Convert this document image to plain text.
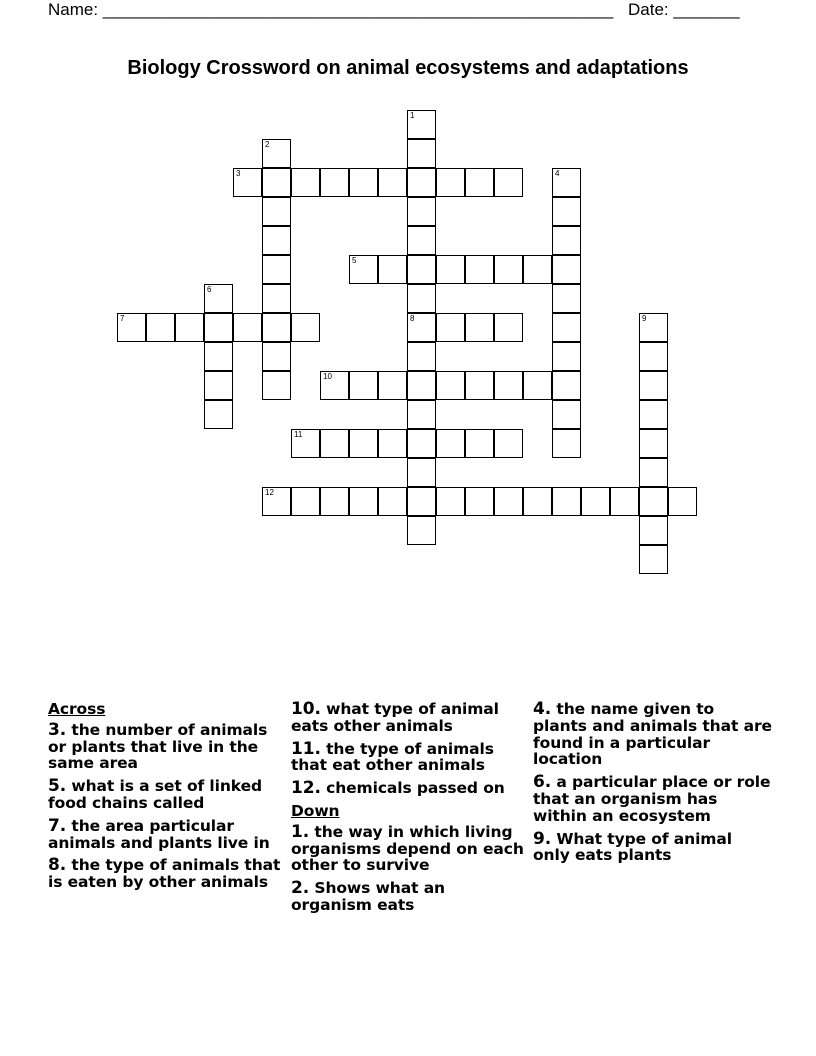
Name: ______________________________________________________ Date: _______
Biology Crossword on animal ecosystems and adaptations
1
8
2
3	4
5
6
7	9
10
11
12
Across
3. the number of animals or plants that live in the same area
5. what is a set of linked food chains called
7. the area particular animals and plants live in
8. the type of animals that is eaten by other animals
10. what type of animal eats other animals
11. the type of animals that eat other animals
12. chemicals passed on
Down
1. the way in which living organisms depend on each other to survive
2. Shows what an organism eats
4. the name given to plants and animals that are found in a particular location
6. a particular place or role that an organism has within an ecosystem
9. What type of animal only eats plants
